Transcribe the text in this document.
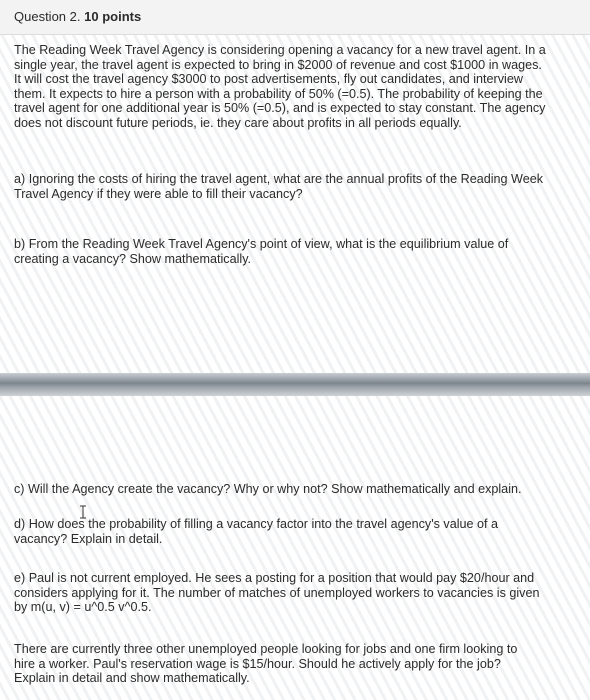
Question 2. 10 points

The Reading Week Travel Agency is considering opening a vacancy for a new travel agent. In a
single year, the travel agent is expected to bring in $2000 of revenue and cost $1000 in wages.
It will cost the travel agency $3000 to post advertisements, fly out candidates, and interview
them. It expects to hire a person with a probability of 50% (=0.5). The probability of keeping the
travel agent for one additional year is 50% (=0.5), and is expected to stay constant. The agency
does not discount future periods, ie. they care about profits in all periods equally.

a) Ignoring the costs of hiring the travel agent, what are the annual profits of the Reading Week
Travel Agency if they were able to fill their vacancy?

b) From the Reading Week Travel Agency's point of view, what is the equilibrium value of
creating a vacancy? Show mathematically.

c) Will the Agency create the vacancy? Why or why not? Show mathematically and explain.

d) How does the probability of filling a vacancy factor into the travel agency's value of a
vacancy? Explain in detail.

e) Paul is not current employed. He sees a posting for a position that would pay $20/hour and
considers applying for it. The number of matches of unemployed workers to vacancies is given
by m(u, v) = u^0.5 v^0.5.

There are currently three other unemployed people looking for jobs and one firm looking to
hire a worker. Paul's reservation wage is $15/hour. Should he actively apply for the job?
Explain in detail and show mathematically.
